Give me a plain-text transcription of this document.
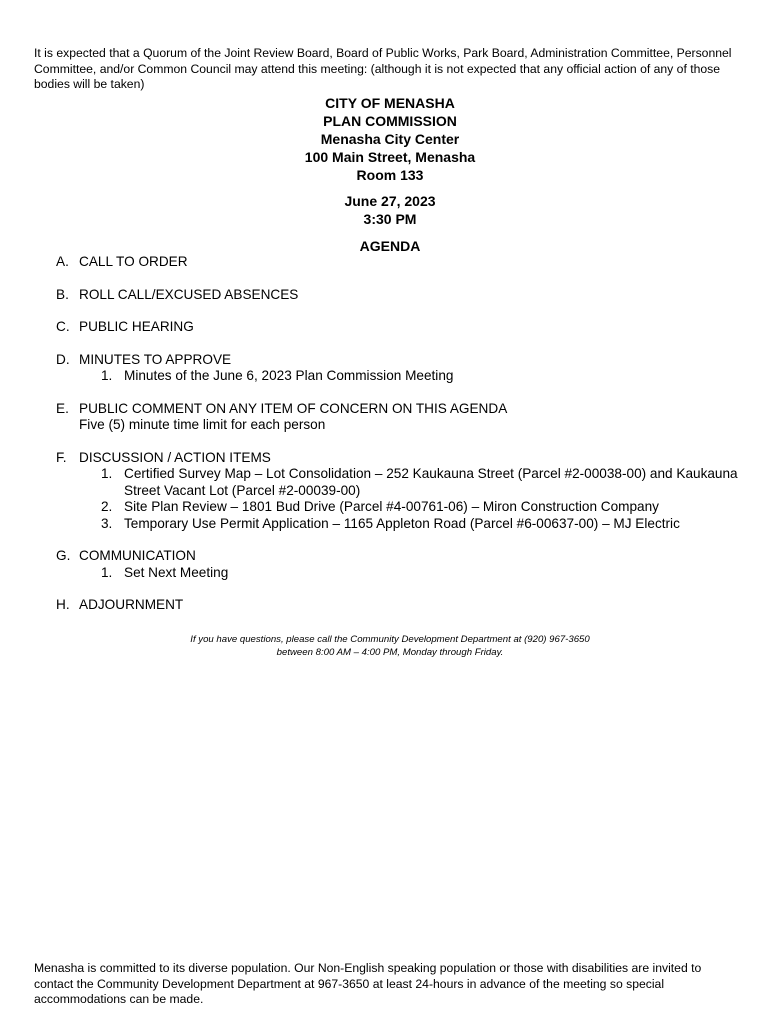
It is expected that a Quorum of the Joint Review Board, Board of Public Works, Park Board, Administration Committee, Personnel Committee, and/or Common Council may attend this meeting: (although it is not expected that any official action of any of those bodies will be taken)
CITY OF MENASHA
PLAN COMMISSION
Menasha City Center
100 Main Street, Menasha
Room 133
June 27, 2023
3:30 PM
AGENDA
A. CALL TO ORDER
B. ROLL CALL/EXCUSED ABSENCES
C. PUBLIC HEARING
D. MINUTES TO APPROVE
1. Minutes of the June 6, 2023 Plan Commission Meeting
E. PUBLIC COMMENT ON ANY ITEM OF CONCERN ON THIS AGENDA
Five (5) minute time limit for each person
F. DISCUSSION / ACTION ITEMS
1. Certified Survey Map – Lot Consolidation – 252 Kaukauna Street (Parcel #2-00038-00) and Kaukauna Street Vacant Lot (Parcel #2-00039-00)
2. Site Plan Review – 1801 Bud Drive (Parcel #4-00761-06) – Miron Construction Company
3. Temporary Use Permit Application – 1165 Appleton Road (Parcel #6-00637-00) – MJ Electric
G. COMMUNICATION
1. Set Next Meeting
H. ADJOURNMENT
If you have questions, please call the Community Development Department at (920) 967-3650
between 8:00 AM – 4:00 PM, Monday through Friday.
Menasha is committed to its diverse population. Our Non-English speaking population or those with disabilities are invited to contact the Community Development Department at 967-3650 at least 24-hours in advance of the meeting so special accommodations can be made.
